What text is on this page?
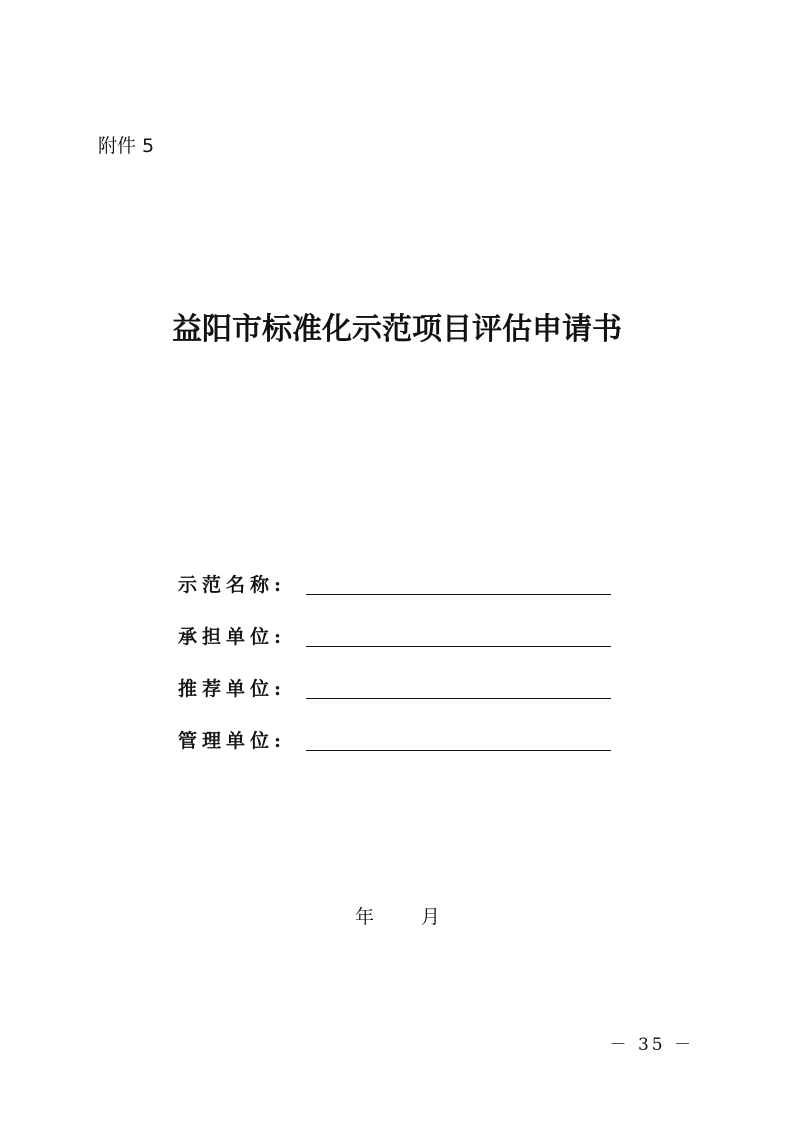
附件 5
益阳市标准化示范项目评估申请书
示范名称:
承担单位:
推荐单位:
管理单位:
年 月
－ 35 －
